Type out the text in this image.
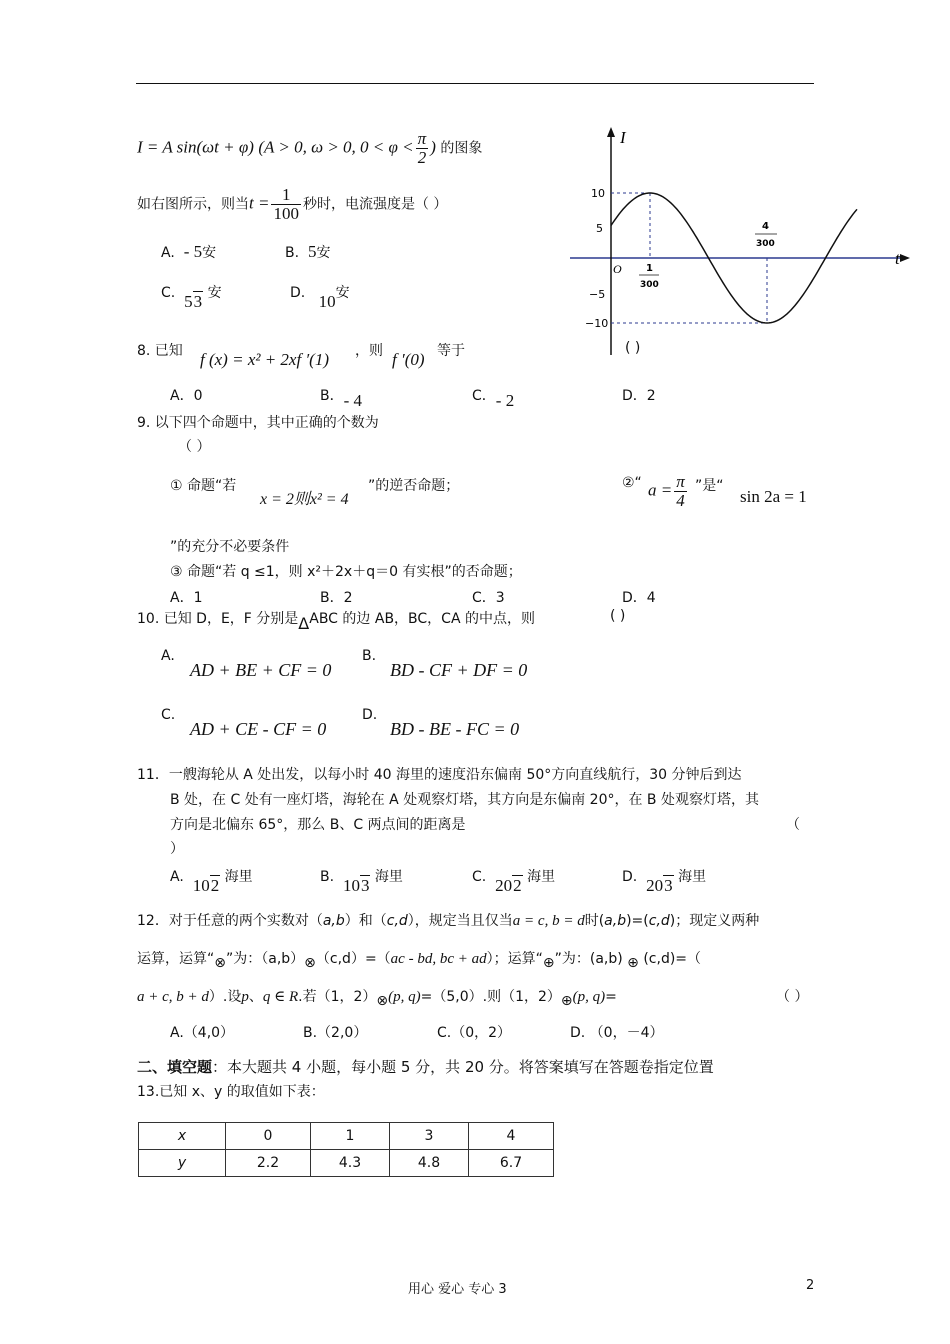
I = A sin(ωt + φ) (A > 0, ω > 0, $0 < \varphi < \frac{\pi}{2}$ ) 的图象
如右图所示，则当$t = \frac{1}{100}$ 秒时，电流强度是（ ）
A. - 5安	B. 5安
C. 53 安	D. 10安
I
t
O
10
5
−5
−10
1
300
4
300
8. 已知 f (x) = x² + 2xf ′(1) ，则 f ′(0) 等于	( )
A．0	B．- 4	C．- 2	D．2
9. 以下四个命题中，其中正确的个数为
（ ）
① 命题“若
x = 2则x² = 4
”的逆否命题；	②“ $a = \frac{\pi}{4}$ ”是“
sin 2a = 1
”的充分不必要条件
③ 命题“若 q ≤1，则 x²＋2x＋q＝0 有实根”的否命题；
A．1	B．2	C．3	D．4
10. 已知 D，E，F 分别是ΔABC 的边 AB，BC，CA 的中点，则	( )
A.
AD + BE + CF = 0
B.
BD - CF + DF = 0
C.
AD + CE - CF = 0
D.
BD - BE - FC = 0
11．一艘海轮从 A 处出发，以每小时 40 海里的速度沿东偏南 50°方向直线航行，30 分钟后到达
B 处，在 C 处有一座灯塔，海轮在 A 处观察灯塔，其方向是东偏南 20°，在 B 处观察灯塔，其
方向是北偏东 65°，那么 B、C 两点间的距离是	（
）
A. 102 海里	B. 103 海里	C. 202 海里	D. 203 海里
12．对于任意的两个实数对（a,b）和（c,d），规定当且仅当a = c, b = d时(a,b)=(c,d)；现定义两种
运算，运算“⊗”为：（a,b）⊗（c,d）=（ac - bd, bc + ad）；运算“⊕”为：(a,b) ⊕ (c,d)=（
a + c, b + d）.设p、q ∈ R.若（1，2）⊗(p, q)=（5,0）.则（1，2）⊕(p, q)=	（ ）
A.（4,0）	B.（2,0）	C.（0，2）	D. （0，－4）
二、填空题：本大题共 4 小题，每小题 5 分，共 20 分。将答案填写在答题卷指定位置
13.已知 x、y 的取值如下表：
x	0	1	3	4
y	2.2	4.3	4.8	6.7
用心 爱心 专心 3	2
